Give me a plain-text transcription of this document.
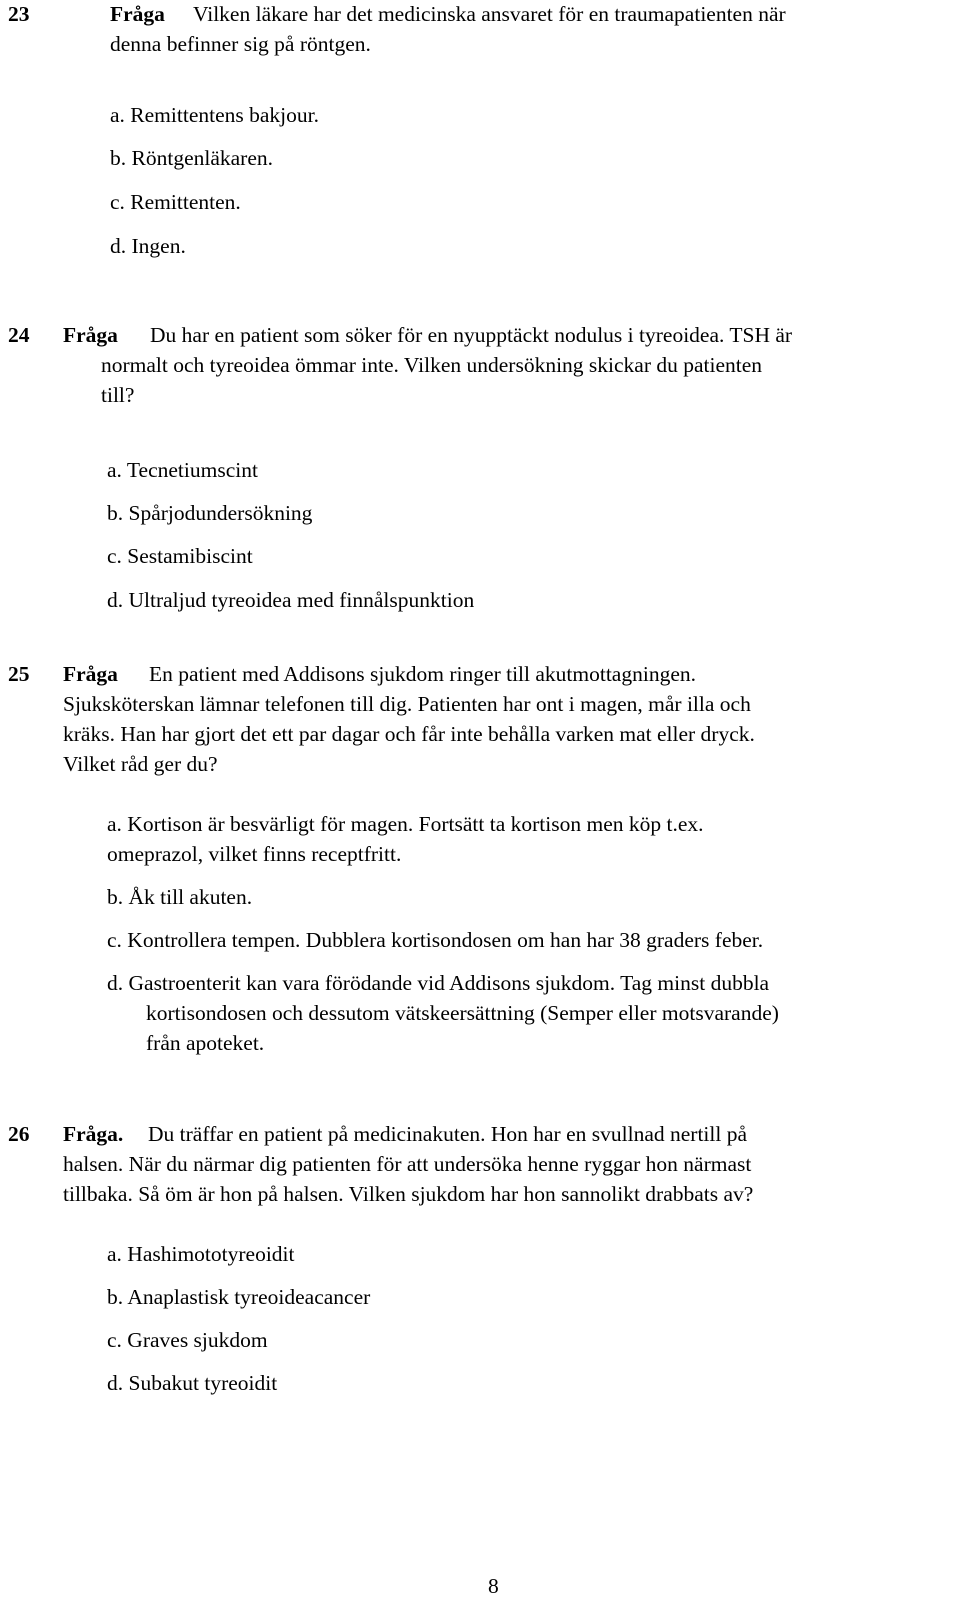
23	Fråga Vilken läkare har det medicinska ansvaret för en traumapatienten när
denna befinner sig på röntgen.
a. Remittentens bakjour.
b. Röntgenläkaren.
c. Remittenten.
d. Ingen.
24 Fråga Du har en patient som söker för en nyupptäckt nodulus i tyreoidea. TSH är
normalt och tyreoidea ömmar inte. Vilken undersökning skickar du patienten
till?
a. Tecnetiumscint
b. Spårjodundersökning
c. Sestamibiscint
d. Ultraljud tyreoidea med finnålspunktion
25 Fråga En patient med Addisons sjukdom ringer till akutmottagningen.
Sjuksköterskan lämnar telefonen till dig. Patienten har ont i magen, mår illa och
kräks. Han har gjort det ett par dagar och får inte behålla varken mat eller dryck.
Vilket råd ger du?
a. Kortison är besvärligt för magen. Fortsätt ta kortison men köp t.ex.
omeprazol, vilket finns receptfritt.
b. Åk till akuten.
c. Kontrollera tempen. Dubblera kortisondosen om han har 38 graders feber.
d. Gastroenterit kan vara förödande vid Addisons sjukdom. Tag minst dubbla
kortisondosen och dessutom vätskeersättning (Semper eller motsvarande)
från apoteket.
26 Fråga. Du träffar en patient på medicinakuten. Hon har en svullnad nertill på
halsen. När du närmar dig patienten för att undersöka henne ryggar hon närmast
tillbaka. Så öm är hon på halsen. Vilken sjukdom har hon sannolikt drabbats av?
a. Hashimototyreoidit
b. Anaplastisk tyreoideacancer
c. Graves sjukdom
d. Subakut tyreoidit
8
